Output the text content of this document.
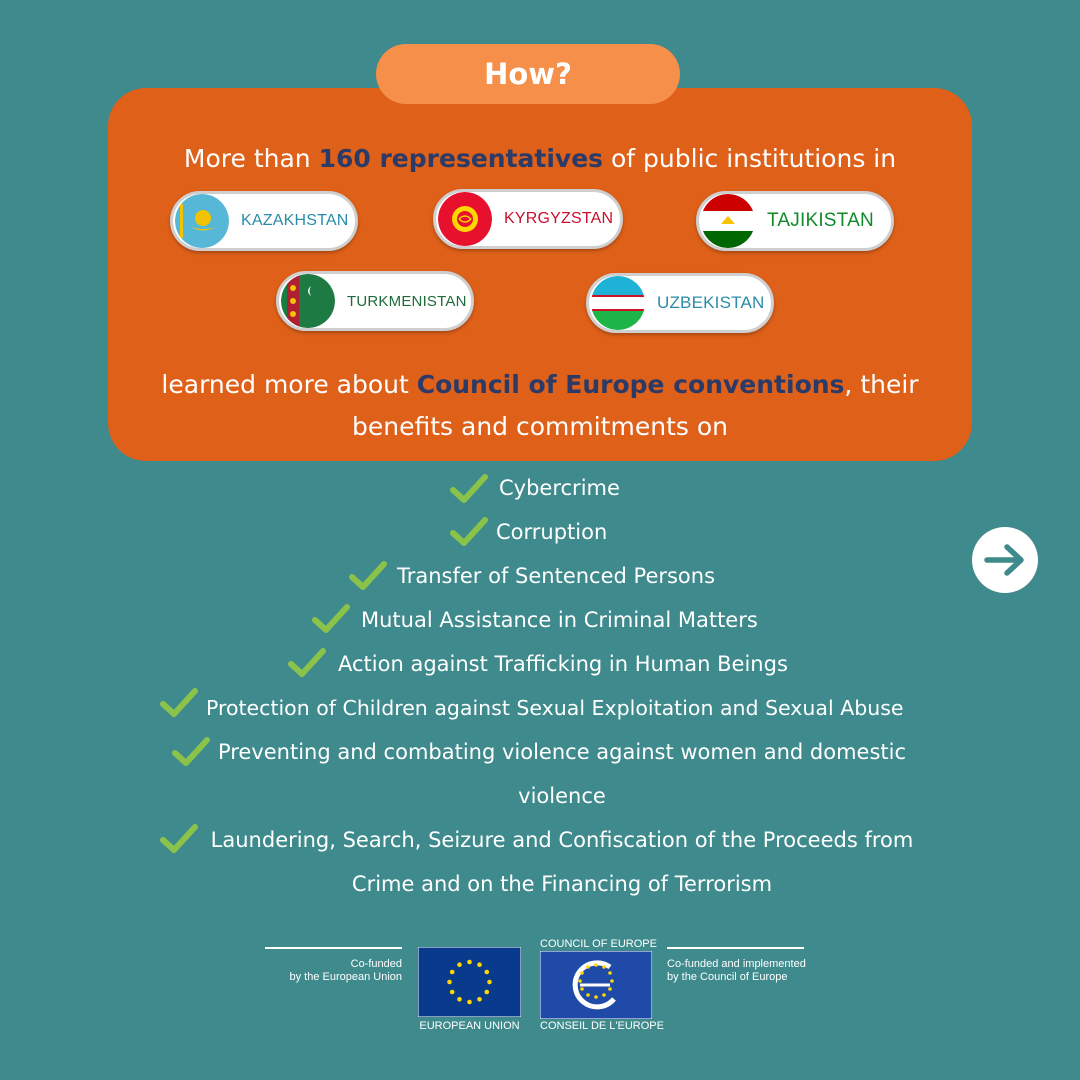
How?
More than 160 representatives of public institutions in
KAZAKHSTAN	KYRGYZSTAN	TAJIKISTAN
TURKMENISTAN	UZBEKISTAN
learned more about Council of Europe conventions, their benefits and commitments on
Cybercrime
Corruption
Transfer of Sentenced Persons
Mutual Assistance in Criminal Matters
Action against Trafficking in Human Beings
Protection of Children against Sexual Exploitation and Sexual Abuse
Preventing and combating violence against women and domestic violence
Laundering, Search, Seizure and Confiscation of the Proceeds from Crime and on the Financing of Terrorism
Co-funded
by the European Union
EUROPEAN UNION
COUNCIL OF EUROPE
CONSEIL DE L'EUROPE
Co-funded and implemented
by the Council of Europe
